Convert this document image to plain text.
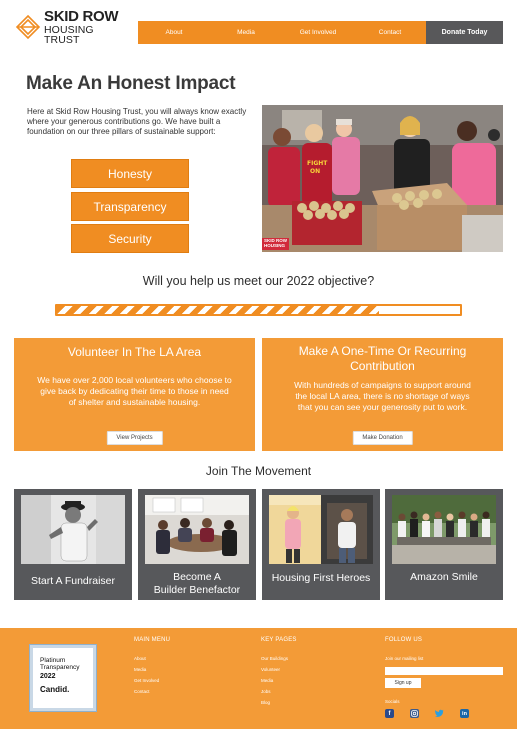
SKID ROW
HOUSING TRUST
About	Media	Get Involved	Contact	Donate Today
Make An Honest Impact
Here at Skid Row Housing Trust, you will always know exactly where your generous contributions go. We have built a foundation on our three pillars of sustainable support:
Honesty
Transparency
Security
FIGHT
ON
SKID ROW
HOUSING
Will you help us meet our 2022 objective?
Volunteer In The LA Area
We have over 2,000 local volunteers who choose to give back by dedicating their time to those in need of shelter and sustainable housing.
View Projects
Make A One-Time Or Recurring Contribution
With hundreds of campaigns to support around the local LA area, there is no shortage of ways that you can see your generosity put to work.
Make Donation
Join The Movement
Start A Fundraiser	Become A
Builder Benefactor
Housing First Heroes	Amazon Smile
Platinum
Transparency
2022
Candid.
MAIN MENU
About
Media
Get Involved
Contact
KEY PAGES
Our Buildings
Volunteer
Media
Jobs
Blog
FOLLOW US
Join our mailing list
Sign up
Socials
f	in
